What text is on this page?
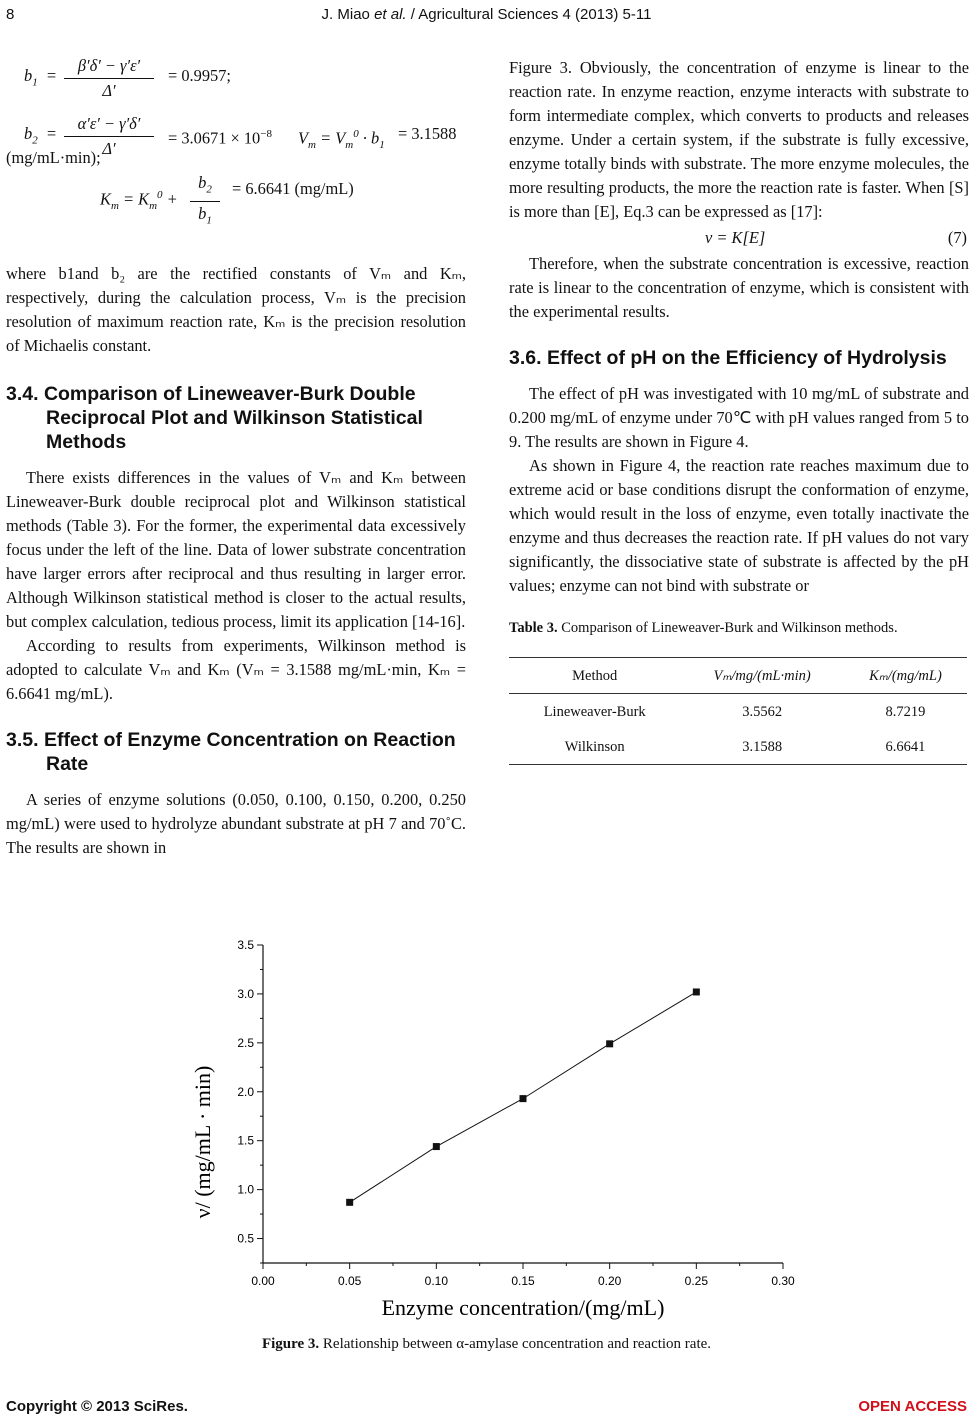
8	J. Miao et al. / Agricultural Sciences 4 (2013) 5-11
$b_1 = \frac{\beta'\delta' - \gamma'\varepsilon'}{\Delta'} = 0.9957$;
$b_2 = \frac{\alpha'\varepsilon' - \gamma'\delta'}{\Delta'} = 3.0671 \times 10^{-8}$ $V_m = V_m^0 \cdot b_1$
= 3.1588
(mg/mL·min);
$K_m = K_m^0 + \frac{b_2}{b_1} = 6.6641$ (mg/mL)

where b1and b₂ are the rectified constants of Vₘ and Kₘ, respectively, during the calculation process, Vₘ is the precision resolution of maximum reaction rate, Kₘ is the precision resolution of Michaelis constant.

3.4. Comparison of Lineweaver-Burk Double Reciprocal Plot and Wilkinson Statistical Methods

There exists differences in the values of Vₘ and Kₘ between Lineweaver-Burk double reciprocal plot and Wilkinson statistical methods (Table 3). For the former, the experimental data excessively focus under the left of the line. Data of lower substrate concentration have larger errors after reciprocal and thus resulting in larger error. Although Wilkinson statistical method is closer to the actual results, but complex calculation, tedious process, limit its application [14-16].

According to results from experiments, Wilkinson method is adopted to calculate Vₘ and Kₘ (Vₘ = 3.1588 mg/mL·min, Kₘ = 6.6641 mg/mL).

3.5. Effect of Enzyme Concentration on Reaction Rate

A series of enzyme solutions (0.050, 0.100, 0.150, 0.200, 0.250 mg/mL) were used to hydrolyze abundant substrate at pH 7 and 70˚C. The results are shown in

Figure 3. Obviously, the concentration of enzyme is linear to the reaction rate. In enzyme reaction, enzyme interacts with substrate to form intermediate complex, which converts to products and releases enzyme. Under a certain system, if the substrate is fully excessive, enzyme totally binds with substrate. The more enzyme molecules, the more resulting products, the more the reaction rate is faster. When [S] is more than [E], Eq.3 can be expressed as [17]:

ν = K[E]	(7)

Therefore, when the substrate concentration is excessive, reaction rate is linear to the concentration of enzyme, which is consistent with the experimental results.

3.6. Effect of pH on the Efficiency of Hydrolysis

The effect of pH was investigated with 10 mg/mL of substrate and 0.200 mg/mL of enzyme under 70℃ with pH values ranged from 5 to 9. The results are shown in Figure 4.

As shown in Figure 4, the reaction rate reaches maximum due to extreme acid or base conditions disrupt the conformation of enzyme, which would result in the loss of enzyme, even totally inactivate the enzyme and thus decreases the reaction rate. If pH values do not vary significantly, the dissociative state of substrate is affected by the pH values; enzyme can not bind with substrate or

Table 3. Comparison of Lineweaver-Burk and Wilkinson methods.
Method	Vₘ/mg/(mL·min)	Kₘ/(mg/mL)
Lineweaver-Burk	3.5562	8.7219
Wilkinson	3.1588	6.6641
0.00	0.05	0.10	0.15	0.20	0.25	0.30
0.5
1.0
1.5
2.0
2.5
3.0
3.5
Enzyme concentration/(mg/mL)
ν/ (mg/mL · min)
Figure 3. Relationship between α-amylase concentration and reaction rate.
Copyright © 2013 SciRes.	OPEN ACCESS
